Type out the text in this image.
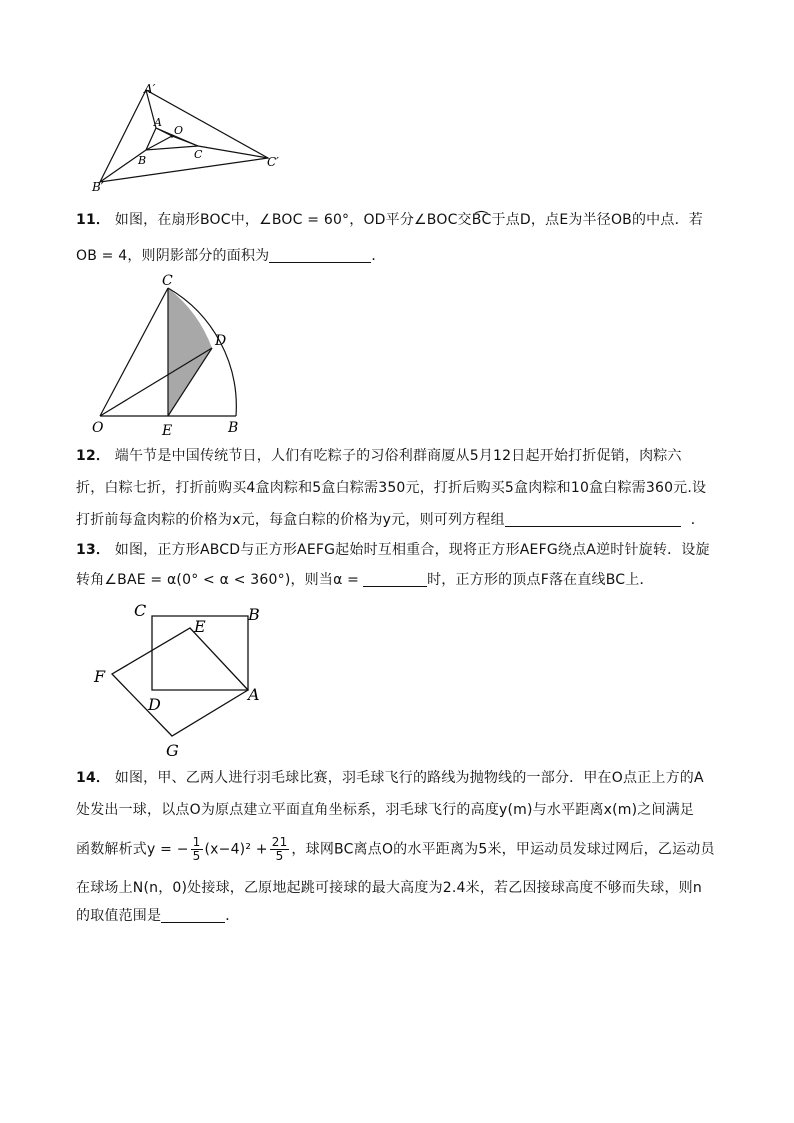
A′
B′
C′
A
O
B	C
11． 如图，在扇形BOC中，∠BOC = 60°，OD平分∠BOC交B͡C于点D，点E为半径OB的中点．若
OB = 4，则阴影部分的面积为	．
C
D
O	E	B
12． 端午节是中国传统节日，人们有吃粽子的习俗利群商厦从5月12日起开始打折促销，肉粽六
折，白粽七折，打折前购买4盒肉粽和5盒白粽需350元，打折后购买5盒肉粽和10盒白粽需360元.设
打折前每盒肉粽的价格为x元，每盒白粽的价格为y元，则可列方程组	．
13． 如图，正方形ABCD与正方形AEFG起始时互相重合，现将正方形AEFG绕点A逆时针旋转．设旋
转角∠BAE = α(0° < α < 360°)，则当α =	时，正方形的顶点F落在直线BC上．
C
E
B
F
D
A
G
14． 如图，甲、乙两人进行羽毛球比赛，羽毛球飞行的路线为抛物线的一部分．甲在O点正上方的A
处发出一球，以点O为原点建立平面直角坐标系，羽毛球飞行的高度y(m)与水平距离x(m)之间满足
函数解析式y = − $\frac{1}{5} (x-4)^2 + \frac{21}{5}$ ，球网BC离点O的水平距离为5米，甲运动员发球过网后，乙运动员
在球场上N(n，0)处接球，乙原地起跳可接球的最大高度为2.4米，若乙因接球高度不够而失球，则n
的取值范围是	．
